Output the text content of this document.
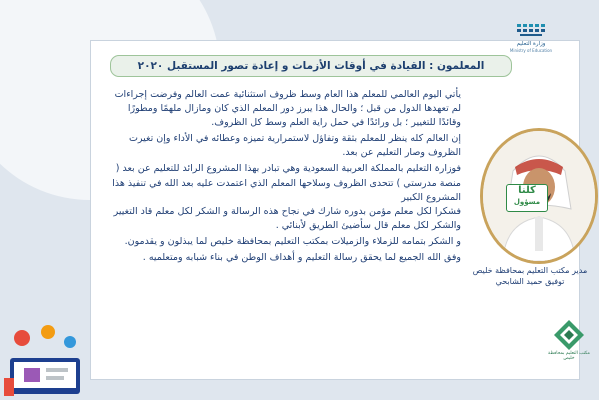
وزارة التعليم
Ministry of Education
المعلمون : القيادة في أوقات الأزمات و إعادة تصور المستقبل ٢٠٢٠

يأتي اليوم العالمي للمعلم هذا العام وسط ظروف استثنائية عمت العالم وفرضت إجراءات لم تعهدها الدول من قبل ؛ والحال هذا يبرز دور المعلم الذي كان ومازال ملهمًا ومطورًا وقائدًا للتغيير ؛ بل ورائدًا في حمل راية العلم وسط كل الظروف.

إن العالم كله ينظر للمعلم بثقة وتفاؤل لاستمرارية تميزه وعطائه في الأداء وإن تغيرت الظروف وصار التعليم عن بعد.

فوزارة التعليم بالمملكة العربية السعودية وهي تبادر بهذا المشروع الرائد للتعليم عن بعد ( منصة مدرستي ) تتحدى الظروف وسلاحها المعلم الذي اعتمدت عليه بعد الله في تنفيذ هذا المشروع الكبير

فشكرا لكل معلم مؤمن بدوره شارك في نجاح هذه الرسالة و الشكر لكل معلم قاد التغيير والشكر لكل معلم قال سأضيئ الطريق لأبنائي .

و الشكر بتمامه للزملاء والزميلات بمكتب التعليم بمحافظة خليص لما يبذلون و يقدمون.

وفق الله الجميع لما يحقق رسالة التعليم و أهداف الوطن في بناء شبابه ومتعلميه .

كلنا
مسؤول
مدير مكتب التعليم بمحافظة خليص
توفيق حميد الشابحي
مكتب التعليم بمحافظة خليص
